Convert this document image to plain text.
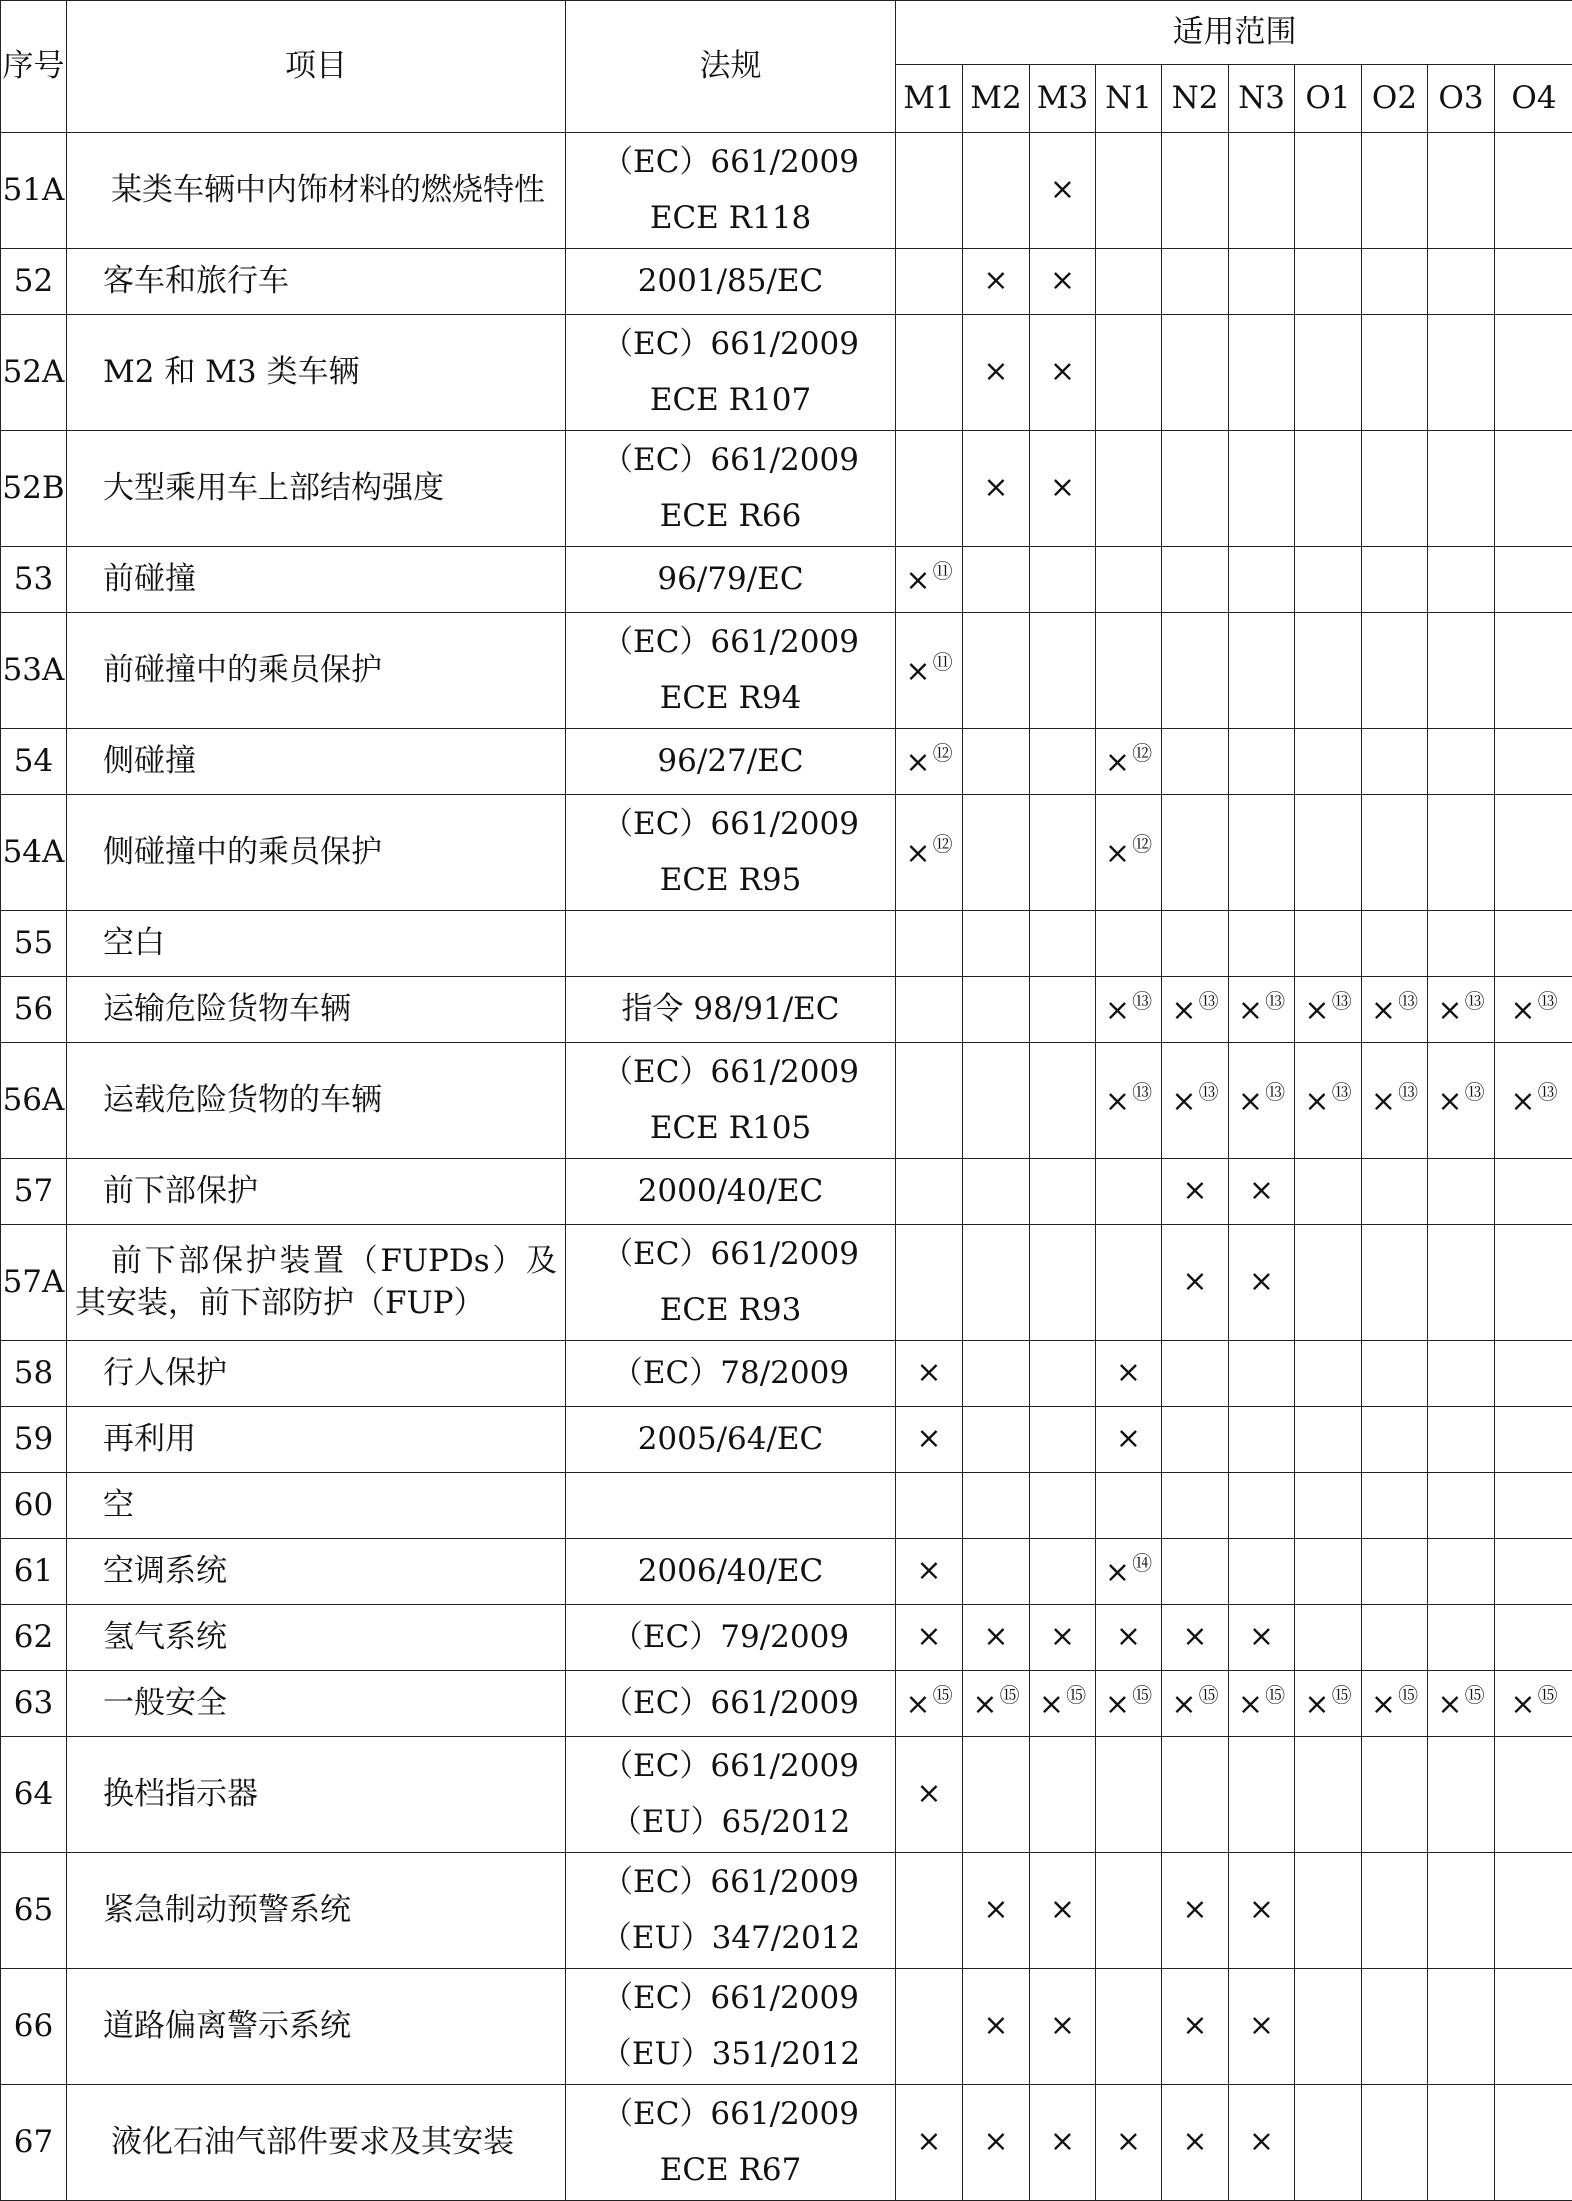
序号	项目	法规	适用范围									
			M1	M2	M3	N1	N2	N3	O1	O2	O3	O4
51A	某类车辆中内饰材料的燃烧特性	（EC）661/2009
ECE R118			×							
52	客车和旅行车	2001/85/EC		×	×							
52A	M2 和 M3 类车辆	（EC）661/2009
ECE R107		×	×							
52B	大型乘用车上部结构强度	（EC）661/2009
ECE R66		×	×							
53	前碰撞	96/79/EC	× ⑪									
53A	前碰撞中的乘员保护	（EC）661/2009
ECE R94	× ⑪									
54	侧碰撞	96/27/EC	× ⑫			× ⑫						
54A	侧碰撞中的乘员保护	（EC）661/2009
ECE R95	× ⑫			× ⑫						
55	空白											
56	运输危险货物车辆	指令 98/91/EC				× ⑬	× ⑬	× ⑬	× ⑬	× ⑬	× ⑬	× ⑬
56A	运载危险货物的车辆	（EC）661/2009
ECE R105				× ⑬	× ⑬	× ⑬	× ⑬	× ⑬	× ⑬	× ⑬
57	前下部保护	2000/40/EC					×	×				
57A	前下部保护装置（FUPDs）及其安装，前下部防护（FUP）	（EC）661/2009
ECE R93					×	×				
58	行人保护	（EC）78/2009	×			×						
59	再利用	2005/64/EC	×			×						
60	空											
61	空调系统	2006/40/EC	×			× ⑭						
62	氢气系统	（EC）79/2009	×	×	×	×	×	×				
63	一般安全	（EC）661/2009	× ⑮	× ⑮	× ⑮	× ⑮	× ⑮	× ⑮	× ⑮	× ⑮	× ⑮	× ⑮
64	换档指示器	（EC）661/2009
（EU）65/2012	×									
65	紧急制动预警系统	（EC）661/2009
（EU）347/2012		×	×		×	×				
66	道路偏离警示系统	（EC）661/2009
（EU）351/2012		×	×		×	×				
67	液化石油气部件要求及其安装	（EC）661/2009
ECE R67	×	×	×	×	×	×				
